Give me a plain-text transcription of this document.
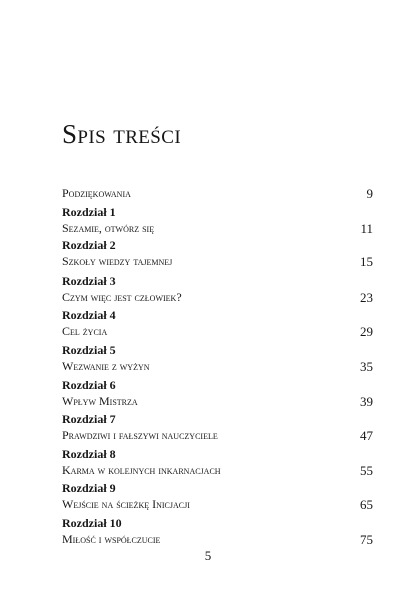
Spis treści
Podziękowania	9
Rozdział 1
Sezamie, otwórz się	11
Rozdział 2
Szkoły wiedzy tajemnej	15
Rozdział 3
Czym więc jest człowiek?	23
Rozdział 4
Cel życia	29
Rozdział 5
Wezwanie z wyżyn	35
Rozdział 6
Wpływ Mistrza	39
Rozdział 7
Prawdziwi i fałszywi nauczyciele	47
Rozdział 8
Karma w kolejnych inkarnacjach	55
Rozdział 9
Wejście na ścieżkę Inicjacji	65
Rozdział 10
Miłość i współczucie	75
5
